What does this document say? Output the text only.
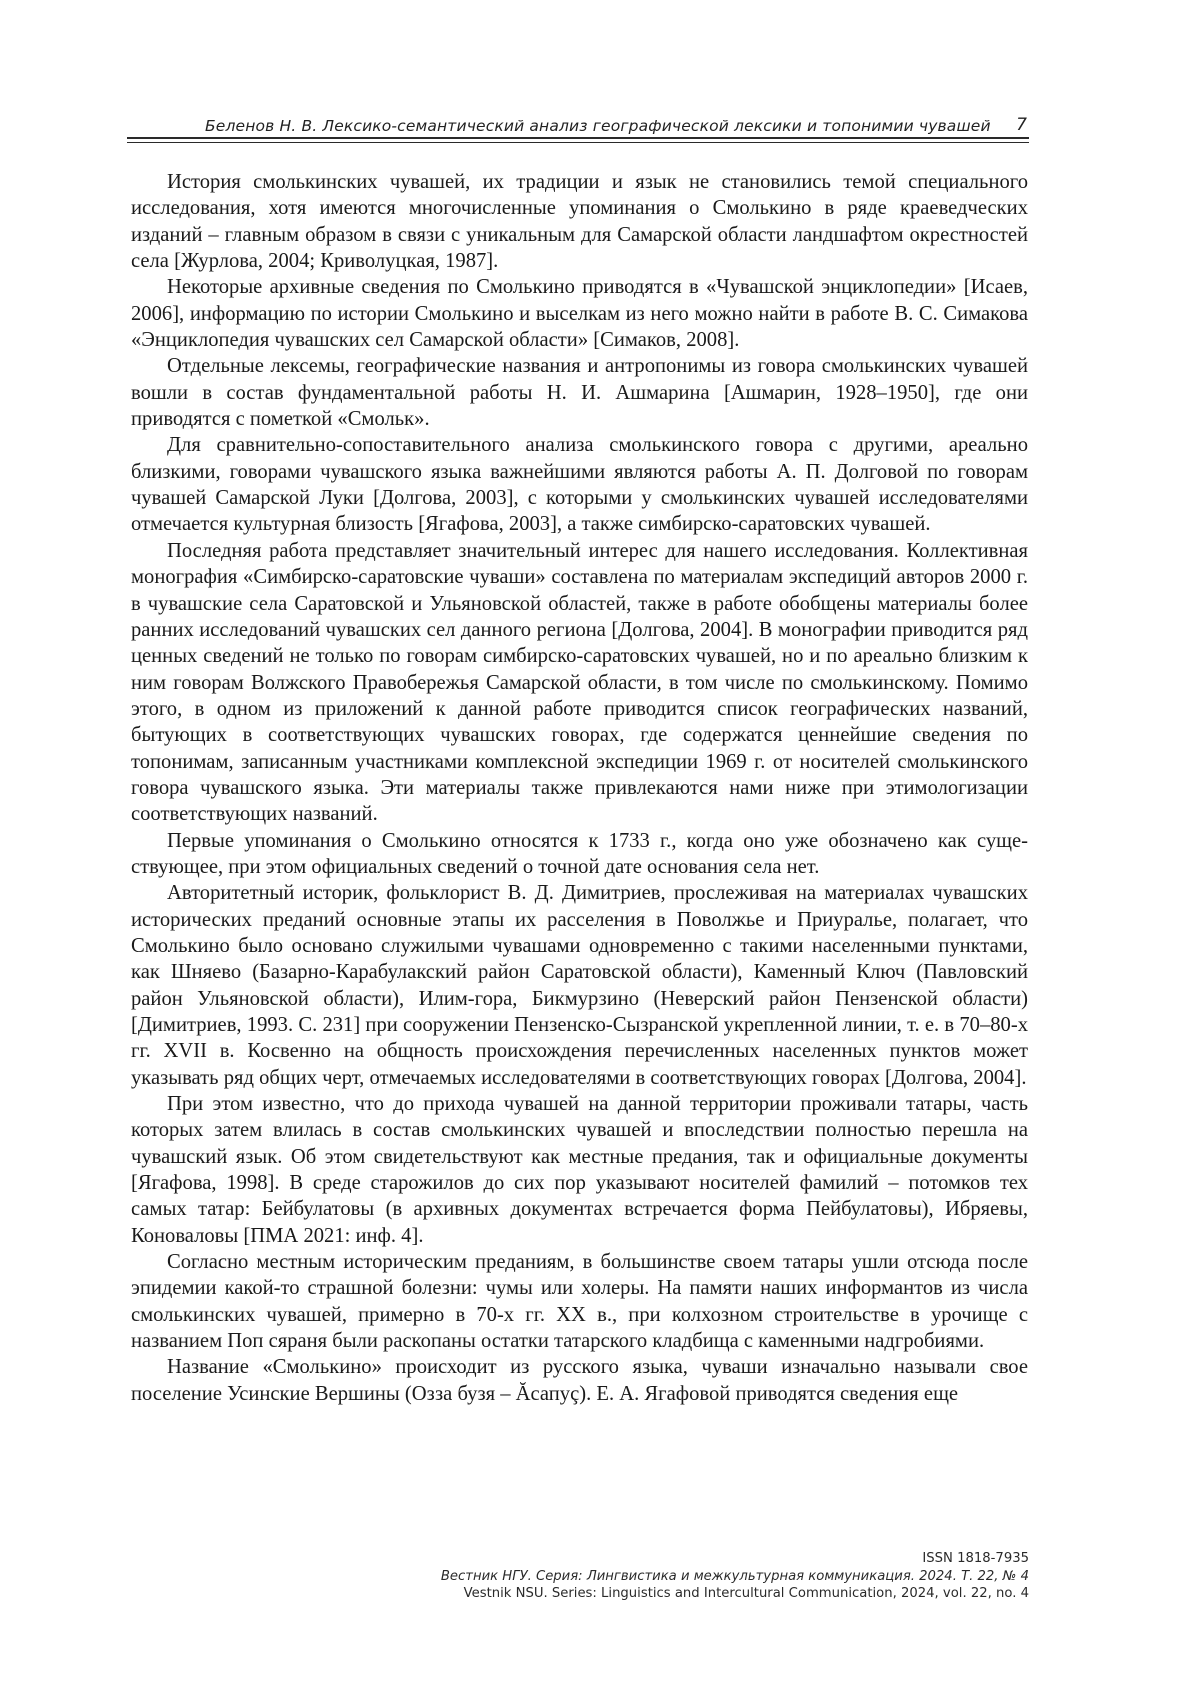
Беленов Н. В. Лексико-семантический анализ географической лексики и топонимии чувашей 7

История смолькинских чувашей, их традиции и язык не становились темой специального исследования, хотя имеются многочисленные упоминания о Смолькино в ряде краеведческих изданий – главным образом в связи с уникальным для Самарской области ландшафтом окрестностей села [Журлова, 2004; Криволуцкая, 1987].

Некоторые архивные сведения по Смолькино приводятся в «Чувашской энциклопедии» [Исаев, 2006], информацию по истории Смолькино и выселкам из него можно найти в работе В. С. Симакова «Энциклопедия чувашских сел Самарской области» [Симаков, 2008].

Отдельные лексемы, географические названия и антропонимы из говора смолькинских чувашей вошли в состав фундаментальной работы Н. И. Ашмарина [Ашмарин, 1928–1950], где они приводятся с пометкой «Смольк».

Для сравнительно-сопоставительного анализа смолькинского говора с другими, ареально близкими, говорами чувашского языка важнейшими являются работы А. П. Долговой по говорам чувашей Самарской Луки [Долгова, 2003], с которыми у смолькинских чувашей исследователями отмечается культурная близость [Ягафова, 2003], а также симбирско-саратовских чувашей.

Последняя работа представляет значительный интерес для нашего исследования. Коллективная монография «Симбирско-саратовские чуваши» составлена по материалам экспедиций авторов 2000 г. в чувашские села Саратовской и Ульяновской областей, также в работе обобщены материалы более ранних исследований чувашских сел данного региона [Долгова, 2004]. В монографии приводится ряд ценных сведений не только по говорам симбирско-саратовских чувашей, но и по ареально близким к ним говорам Волжского Правобережья Самарской области, в том числе по смолькинскому. Помимо этого, в одном из приложений к данной работе приводится список географических названий, бытующих в соответствующих чувашских говорах, где содержатся ценнейшие сведения по топонимам, записанным участниками комплексной экспедиции 1969 г. от носителей смолькинского говора чувашского языка. Эти материалы также привлекаются нами ниже при этимологизации соответствующих названий.

Первые упоминания о Смолькино относятся к 1733 г., когда оно уже обозначено как существующее, при этом официальных сведений о точной дате основания села нет.

Авторитетный историк, фольклорист В. Д. Димитриев, прослеживая на материалах чувашских исторических преданий основные этапы их расселения в Поволжье и Приуралье, полагает, что Смолькино было основано служилыми чувашами одновременно с такими населенными пунктами, как Шняево (Базарно-Карабулакский район Саратовской области), Каменный Ключ (Павловский район Ульяновской области), Илим-гора, Бикмурзино (Неверский район Пензенской области) [Димитриев, 1993. С. 231] при сооружении Пензенско-Сызранской укрепленной линии, т. е. в 70–80-х гг. XVII в. Косвенно на общность происхождения перечисленных населенных пунктов может указывать ряд общих черт, отмечаемых исследователями в соответствующих говорах [Долгова, 2004].

При этом известно, что до прихода чувашей на данной территории проживали татары, часть которых затем влилась в состав смолькинских чувашей и впоследствии полностью перешла на чувашский язык. Об этом свидетельствуют как местные предания, так и официальные документы [Ягафова, 1998]. В среде старожилов до сих пор указывают носителей фамилий – потомков тех самых татар: Бейбулатовы (в архивных документах встречается форма Пейбулатовы), Ибряевы, Коноваловы [ПМА 2021: инф. 4].

Согласно местным историческим преданиям, в большинстве своем татары ушли отсюда после эпидемии какой-то страшной болезни: чумы или холеры. На памяти наших информантов из числа смолькинских чувашей, примерно в 70-х гг. XX в., при колхозном строительстве в урочище с названием Поп сяраня были раскопаны остатки татарского кладбища с каменными надгробиями.

Название «Смолькино» происходит из русского языка, чуваши изначально называли свое поселение Усинские Вершины (Озза бузя – Ăсапуç). Е. А. Ягафовой приводятся сведения еще

ISSN 1818-7935
Вестник НГУ. Серия: Лингвистика и межкультурная коммуникация. 2024. Т. 22, № 4
Vestnik NSU. Series: Linguistics and Intercultural Communication, 2024, vol. 22, no. 4
